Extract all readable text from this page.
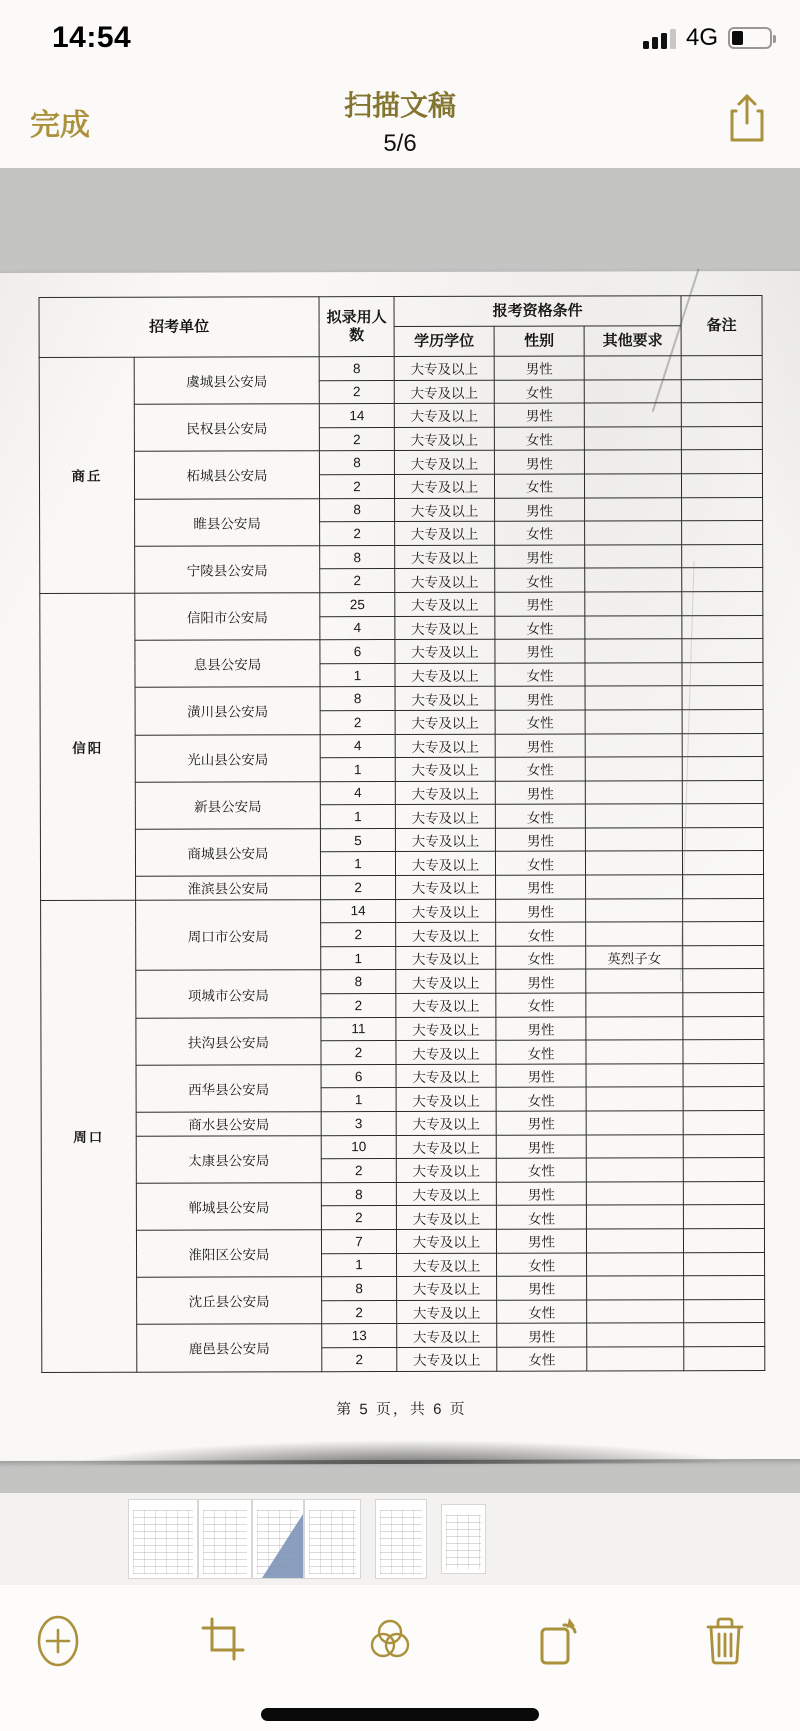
14:54	4G
完成
扫描文稿
5/6
招考单位		拟录用人数	报考资格条件			备注
			学历学位	性别	其他要求	
商丘	虞城县公安局	8	大专及以上	男性		
		2	大专及以上	女性		
	民权县公安局	14	大专及以上	男性		
		2	大专及以上	女性		
	柘城县公安局	8	大专及以上	男性		
		2	大专及以上	女性		
	睢县公安局	8	大专及以上	男性		
		2	大专及以上	女性		
	宁陵县公安局	8	大专及以上	男性		
		2	大专及以上	女性		
信阳	信阳市公安局	25	大专及以上	男性		
		4	大专及以上	女性		
	息县公安局	6	大专及以上	男性		
		1	大专及以上	女性		
	潢川县公安局	8	大专及以上	男性		
		2	大专及以上	女性		
	光山县公安局	4	大专及以上	男性		
		1	大专及以上	女性		
	新县公安局	4	大专及以上	男性		
		1	大专及以上	女性		
	商城县公安局	5	大专及以上	男性		
		1	大专及以上	女性		
	淮滨县公安局	2	大专及以上	男性		
周口	周口市公安局	14	大专及以上	男性		
		2	大专及以上	女性		
		1	大专及以上	女性	英烈子女	
	项城市公安局	8	大专及以上	男性		
		2	大专及以上	女性		
	扶沟县公安局	11	大专及以上	男性		
		2	大专及以上	女性		
	西华县公安局	6	大专及以上	男性		
		1	大专及以上	女性		
	商水县公安局	3	大专及以上	男性		
	太康县公安局	10	大专及以上	男性		
		2	大专及以上	女性		
	郸城县公安局	8	大专及以上	男性		
		2	大专及以上	女性		
	淮阳区公安局	7	大专及以上	男性		
		1	大专及以上	女性		
	沈丘县公安局	8	大专及以上	男性		
		2	大专及以上	女性		
	鹿邑县公安局	13	大专及以上	男性		
		2	大专及以上	女性		
第 5 页，共 6 页
